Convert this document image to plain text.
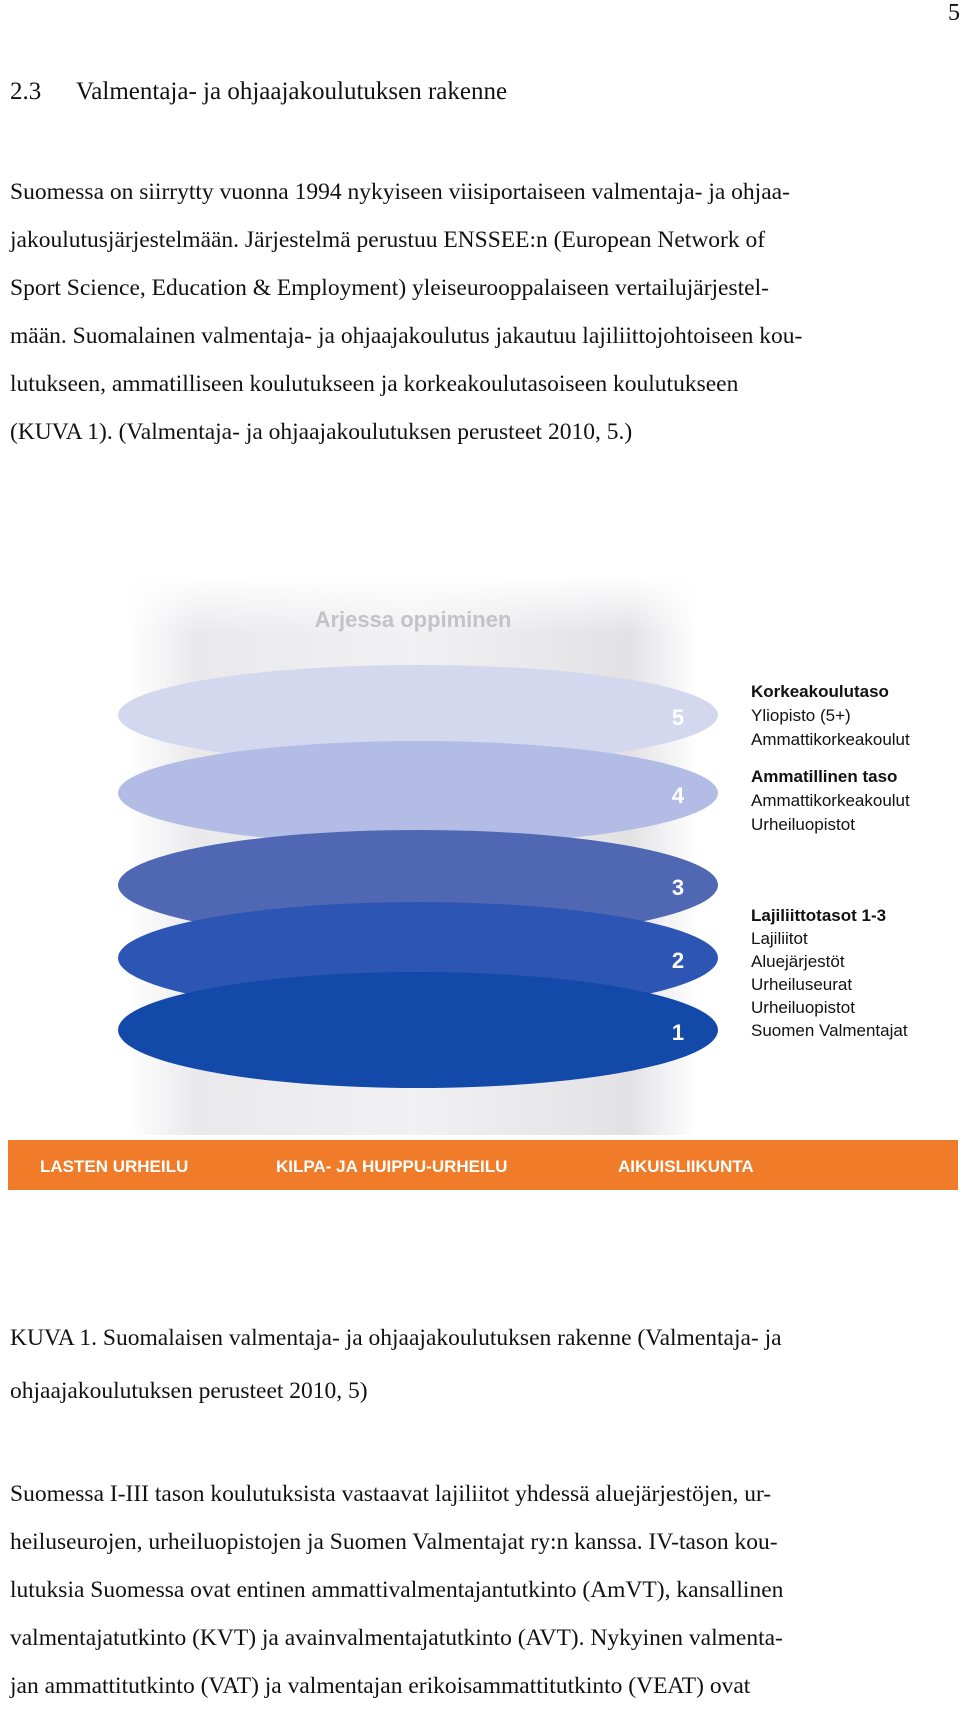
5
2.3 Valmentaja- ja ohjaajakoulutuksen rakenne

Suomessa on siirrytty vuonna 1994 nykyiseen viisiportaiseen valmentaja- ja ohjaa-
jakoulutusjärjestelmään. Järjestelmä perustuu ENSSEE:n (European Network of
Sport Science, Education & Employment) yleiseurooppalaiseen vertailujärjestel-
mään. Suomalainen valmentaja- ja ohjaajakoulutus jakautuu lajiliittojohtoiseen kou-
lutukseen, ammatilliseen koulutukseen ja korkeakoulutasoiseen koulutukseen
(KUVA 1). (Valmentaja- ja ohjaajakoulutuksen perusteet 2010, 5.)

Arjessa oppiminen
5
4
3
2
1
Korkeakoulutaso
Yliopisto (5+)
Ammattikorkeakoulut
Ammatillinen taso
Ammattikorkeakoulut
Urheiluopistot
Lajiliittotasot 1-3
Lajiliitot
Aluejärjestöt
Urheiluseurat
Urheiluopistot
Suomen Valmentajat
LASTEN URHEILU	KILPA- JA HUIPPU-URHEILU	AIKUISLIIKUNTA

KUVA 1. Suomalaisen valmentaja- ja ohjaajakoulutuksen rakenne (Valmentaja- ja
ohjaajakoulutuksen perusteet 2010, 5)

Suomessa I-III tason koulutuksista vastaavat lajiliitot yhdessä aluejärjestöjen, ur-
heiluseurojen, urheiluopistojen ja Suomen Valmentajat ry:n kanssa. IV-tason kou-
lutuksia Suomessa ovat entinen ammattivalmentajantutkinto (AmVT), kansallinen
valmentajatutkinto (KVT) ja avainvalmentajatutkinto (AVT). Nykyinen valmenta-
jan ammattitutkinto (VAT) ja valmentajan erikoisammattitutkinto (VEAT) ovat
